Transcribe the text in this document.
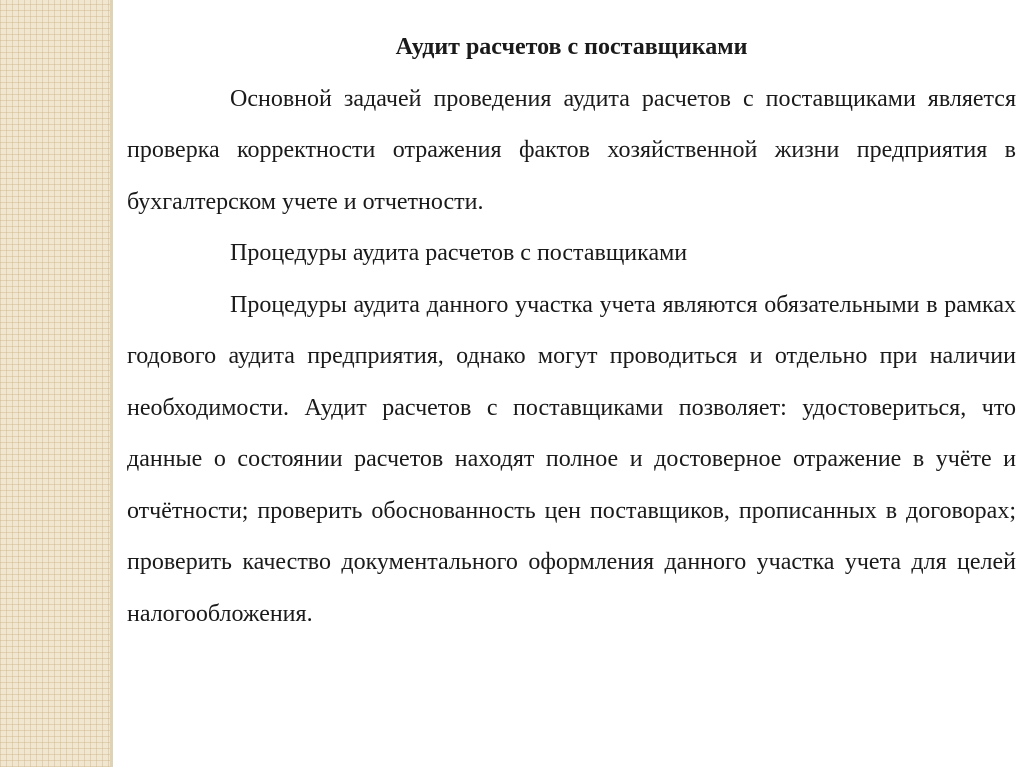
Аудит расчетов с поставщиками

Основной задачей проведения аудита расчетов с поставщиками является проверка корректности отражения фактов хозяйственной жизни предприятия в бухгалтерском учете и отчетности.

Процедуры аудита расчетов с поставщиками

Процедуры аудита данного участка учета являются обязательными в рамках годового аудита предприятия, однако могут проводиться и отдельно при наличии необходимости. Аудит расчетов с поставщиками позволяет: удостовериться, что данные о состоянии расчетов находят полное и достоверное отражение в учёте и отчётности; проверить обоснованность цен поставщиков, прописанных в договорах; проверить качество документального оформления данного участка учета для целей налогообложения.
